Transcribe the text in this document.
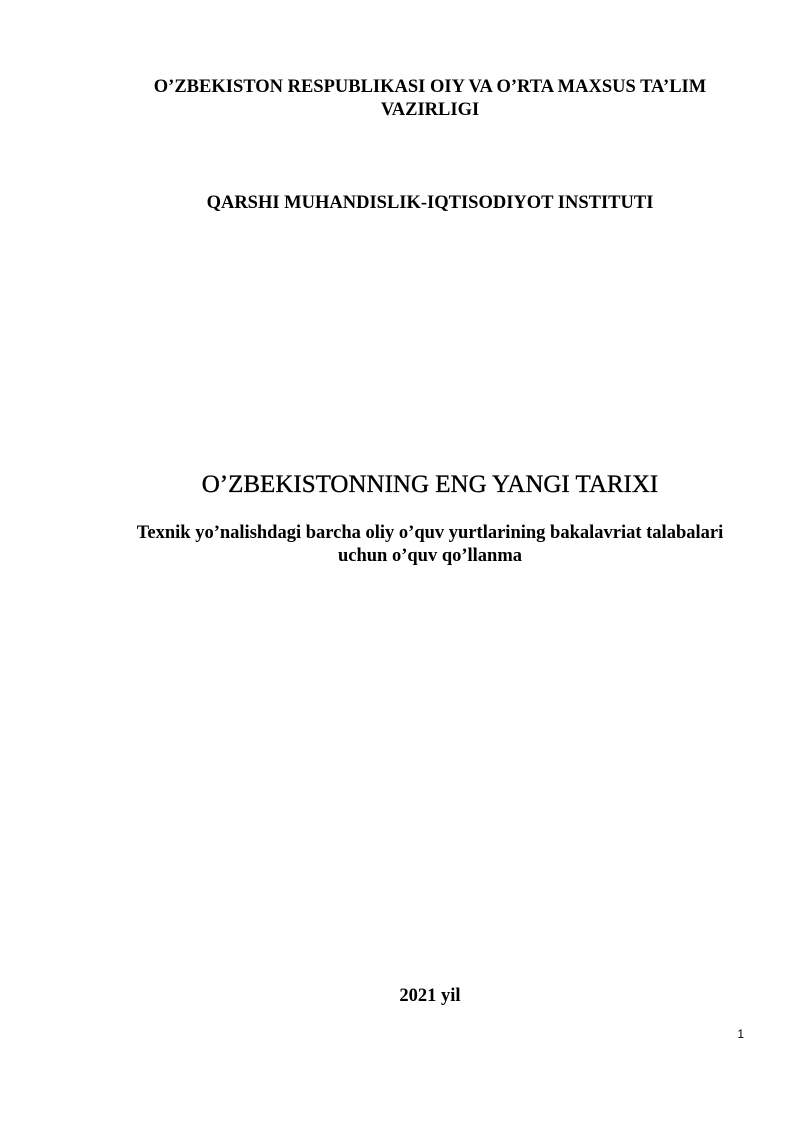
O’ZBEKISTON RESPUBLIKASI OIY VA O’RTA MAXSUS TA’LIM
VAZIRLIGI
QARSHI MUHANDISLIK-IQTISODIYOT INSTITUTI
O’ZBEKISTONNING ENG YANGI TARIXI
Texnik yo’nalishdagi barcha oliy o’quv yurtlarining bakalavriat talabalari
uchun o’quv qo’llanma
2021 yil
1
